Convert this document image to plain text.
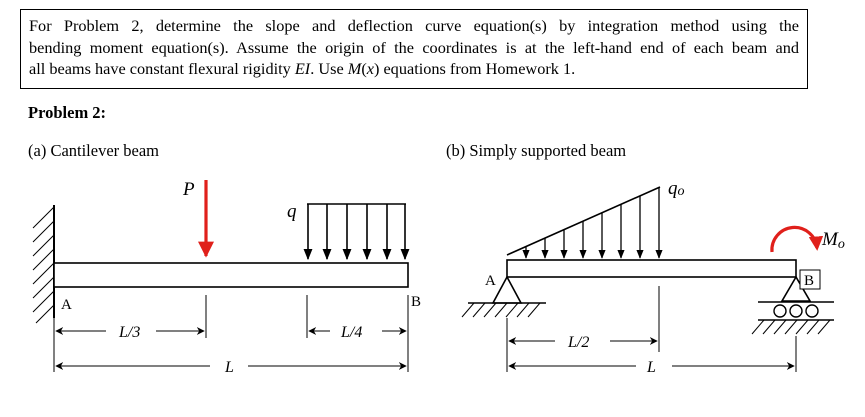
For Problem 2, determine the slope and deflection curve equation(s) by integration method using the
bending moment equation(s). Assume the origin of the coordinates is at the left-hand end of each beam and
all beams have constant flexural rigidity EI. Use M(x) equations from Homework 1.
Problem 2:
(a) Cantilever beam	(b) Simply supported beam
P
q
A	B
L/3	L/4
L
qo
A	B
Mo
L/2
L
